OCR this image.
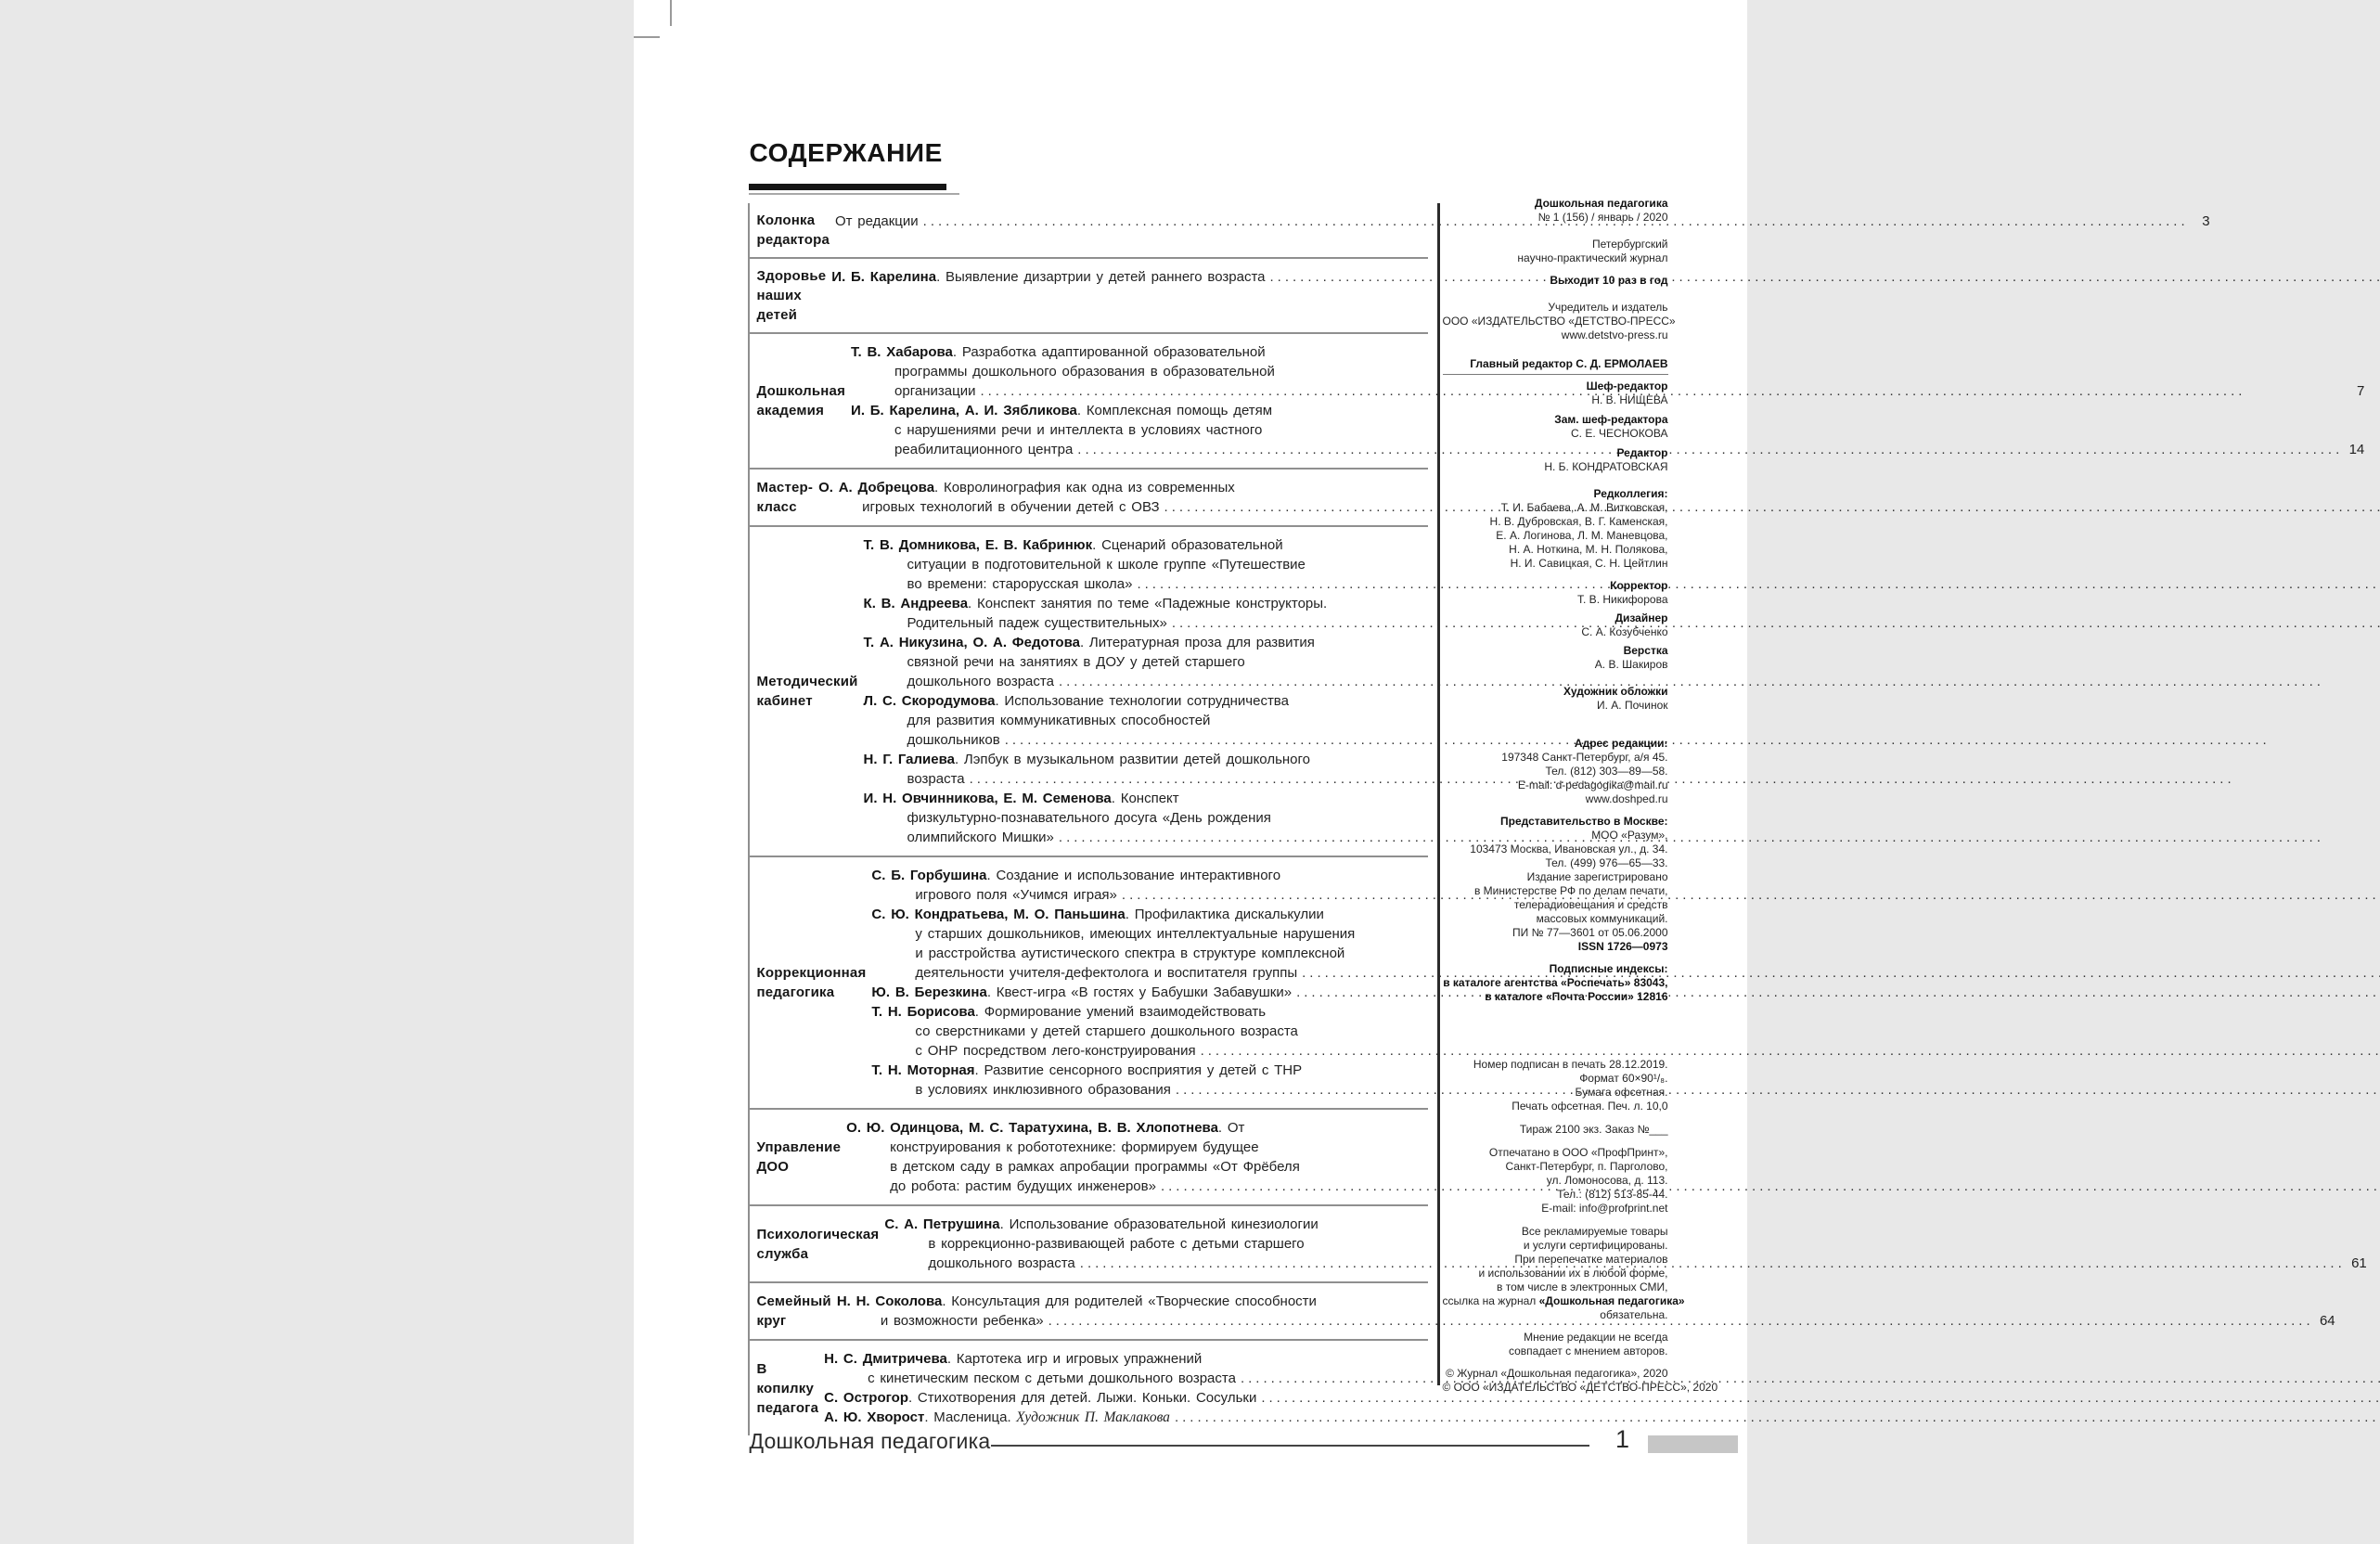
СОДЕРЖАНИЕ
Колонка редактора
От редакции .....	3
Здоровье наших
детей
И. Б. Карелина. Выявление дизартрии у детей раннего возраста
.....
Дошкольная
академия
Т. В. Хабарова. Разработка адаптированной образовательной
программы дошкольного образования в образовательной
организации .....	7
И. Б. Карелина, А. И. Зябликова. Комплексная помощь детям
с нарушениями речи и интеллекта в условиях частного
реабилитационного центра .....	14
Мастер-класс
О. А. Добрецова. Ковролинография как одна из современных
игровых технологий в обучении детей с ОВЗ
.....
Методический
кабинет
Т. В. Домникова, Е. В. Кабринюк. Сценарий образовательной
ситуации в подготовительной к школе группе «Путешествие
во времени: старорусская школа»
.....
К. В. Андреева. Конспект занятия по теме «Падежные конструкторы.
Родительный падеж существительных»
.....
Т. А. Никузина, О. А. Федотова. Литературная проза для развития
связной речи на занятиях в ДОУ у детей старшего
дошкольного возраста
.....
Л. С. Скородумова. Использование технологии сотрудничества
для развития коммуникативных способностей
дошкольников
.....
Н. Г. Галиева. Лэпбук в музыкальном развитии детей дошкольного
возраста
.....
И. Н. Овчинникова, Е. М. Семенова. Конспект
физкультурно-познавательного досуга «День рождения
олимпийского Мишки»
.....
Коррекционная
педагогика
С. Б. Горбушина. Создание и использование интерактивного
игрового поля «Учимся играя»
.....
С. Ю. Кондратьева, М. О. Паньшина. Профилактика дискалькулии
у старших дошкольников, имеющих интеллектуальные нарушения
и расстройства аутистического спектра в структуре комплексной
деятельности учителя-дефектолога и воспитателя группы
.....
Ю. В. Березкина. Квест-игра «В гостях у Бабушки Забавушки»
.....
Т. Н. Борисова. Формирование умений взаимодействовать
со сверстниками у детей старшего дошкольного возраста
с ОНР посредством лего-конструирования
.....
Т. Н. Моторная. Развитие сенсорного восприятия у детей с ТНР
в условиях инклюзивного образования
.....
Управление ДОО
О. Ю. Одинцова, М. С. Таратухина, В. В. Хлопотнева. От
конструирования к робототехнике: формируем будущее
в детском саду в рамках апробации программы «От Фрёбеля
до робота: растим будущих инженеров»
.....
Психологическая
служба
С. А. Петрушина. Использование образовательной кинезиологии
в коррекционно-развивающей работе с детьми старшего
дошкольного возраста .....	61
Семейный круг
Н. Н. Соколова. Консультация для родителей «Творческие способности
и возможности ребенка» .....	64
В копилку педагога
Н. С. Дмитричева. Картотека игр и игровых упражнений
с кинетическим песком с детьми дошкольного возраста
.....
С. Острогор. Стихотворения для детей. Лыжи. Коньки. Сосульки
.....
А. Ю. Хворост. Масленица. Художник П. Маклакова
.....
Дошкольная педагогика
№ 1 (156) / январь / 2020
Петербургский
научно-практический журнал
Выходит 10 раз в год
Учредитель и издатель
ООО «ИЗДАТЕЛЬСТВО «ДЕТСТВО-ПРЕСС»
www.detstvo-press.ru
Главный редактор С. Д. ЕРМОЛАЕВ
Шеф-редактор
Н. В. НИЩЕВА
Зам. шеф-редактора
С. Е. ЧЕСНОКОВА
Редактор
Н. Б. КОНДРАТОВСКАЯ
Редколлегия:
Т. И. Бабаева, А. М. Витковская,
Н. В. Дубровская, В. Г. Каменская,
Е. А. Логинова, Л. М. Маневцова,
Н. А. Ноткина, М. Н. Полякова,
Н. И. Савицкая, С. Н. Цейтлин
Корректор
Т. В. Никифорова
Дизайнер
С. А. Козубченко
Верстка
А. В. Шакиров
Художник обложки
И. А. Починок
Адрес редакции:
197348 Санкт-Петербург, а/я 45.
Тел. (812) 303—89—58.
E-mail: d-pedagogika@mail.ru
www.doshped.ru
Представительство в Москве:
МОО «Разум»,
103473 Москва, Ивановская ул., д. 34.
Тел. (499) 976—65—33.
Издание зарегистрировано
в Министерстве РФ по делам печати,
телерадиовещания и средств
массовых коммуникаций.
ПИ № 77—3601 от 05.06.2000
ISSN 1726—0973
Подписные индексы:
в каталоге агентства «Роспечать» 83043,
в каталоге «Почта России» 12816
Номер подписан в печать 28.12.2019.
Формат 60×90¹/₈.
Бумага офсетная.
Печать офсетная. Печ. л. 10,0
Тираж 2100 экз. Заказ №___
Отпечатано в ООО «ПрофПринт»,
Санкт-Петербург, п. Парголово,
ул. Ломоносова, д. 113.
Тел.: (812) 513-85-44.
E-mail: info@profprint.net
Все рекламируемые товары
и услуги сертифицированы.
При перепечатке материалов
и использовании их в любой форме,
в том числе в электронных СМИ,
ссылка на журнал «Дошкольная педагогика»
обязательна.
Мнение редакции не всегда
совпадает с мнением авторов.
© Журнал «Дошкольная педагогика», 2020
© ООО «ИЗДАТЕЛЬСТВО «ДЕТСТВО-ПРЕСС», 2020
Дошкольная педагогика	1
